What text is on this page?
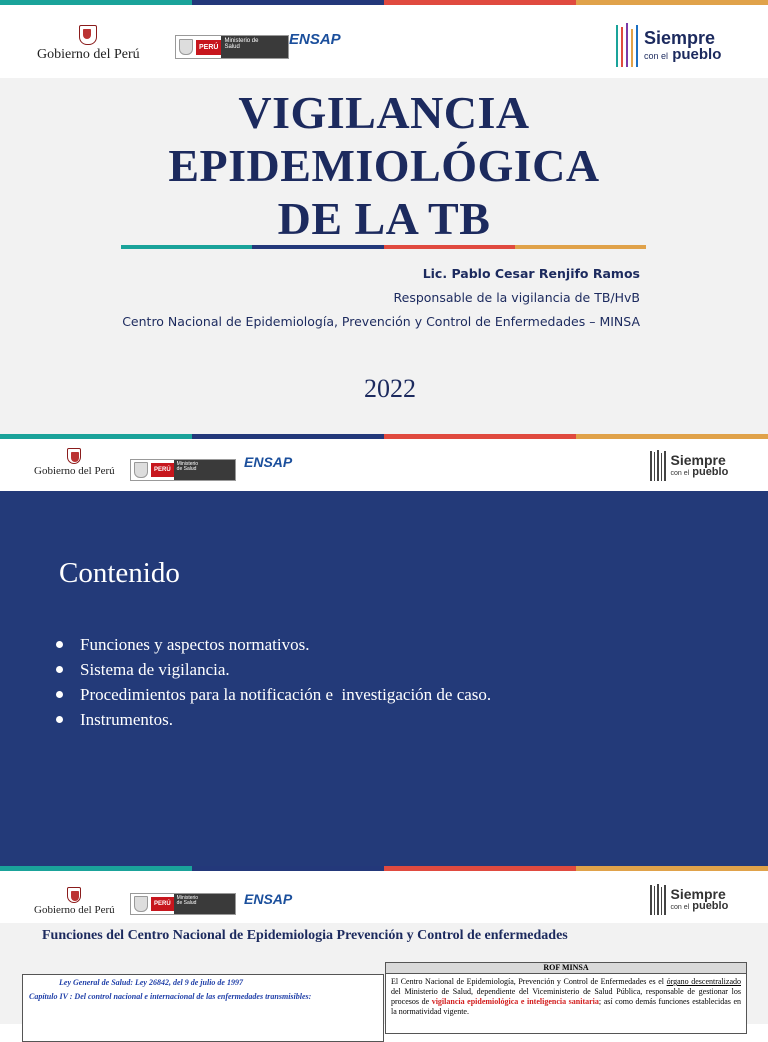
Gobierno del Perú	PERÚ
Ministerio de Salud	ENSAP	Siempre
con el pueblo
VIGILANCIA
EPIDEMIOLÓGICA
DE LA TB
Lic. Pablo Cesar Renjifo Ramos
Responsable de la vigilancia de TB/HvB
Centro Nacional de Epidemiología, Prevención y Control de Enfermedades – MINSA
2022
Gobierno del Perú	PERÚ
Ministerio de Salud	ENSAP	Siempre
con el pueblo
Contenido
Funciones y aspectos normativos.
Sistema de vigilancia.
Procedimientos para la notificación e  investigación de caso.
Instrumentos.
Gobierno del Perú	PERÚ
Ministerio de Salud	ENSAP	Siempre
con el pueblo
Funciones del Centro Nacional de Epidemiologia Prevención y Control de enfermedades
Ley General de Salud: Ley 26842, del 9 de julio de 1997
Capítulo IV : Del control nacional e internacional de las enfermedades transmisibles:
ROF MINSA
El Centro Nacional de Epidemiología, Prevención y Control de Enfermedades es el órgano descentralizado del Ministerio de Salud, dependiente del Viceministerio de Salud Pública, responsable de gestionar los procesos de vigilancia epidemiológica e inteligencia sanitaria; así como demás funciones establecidas en la normatividad vigente.
